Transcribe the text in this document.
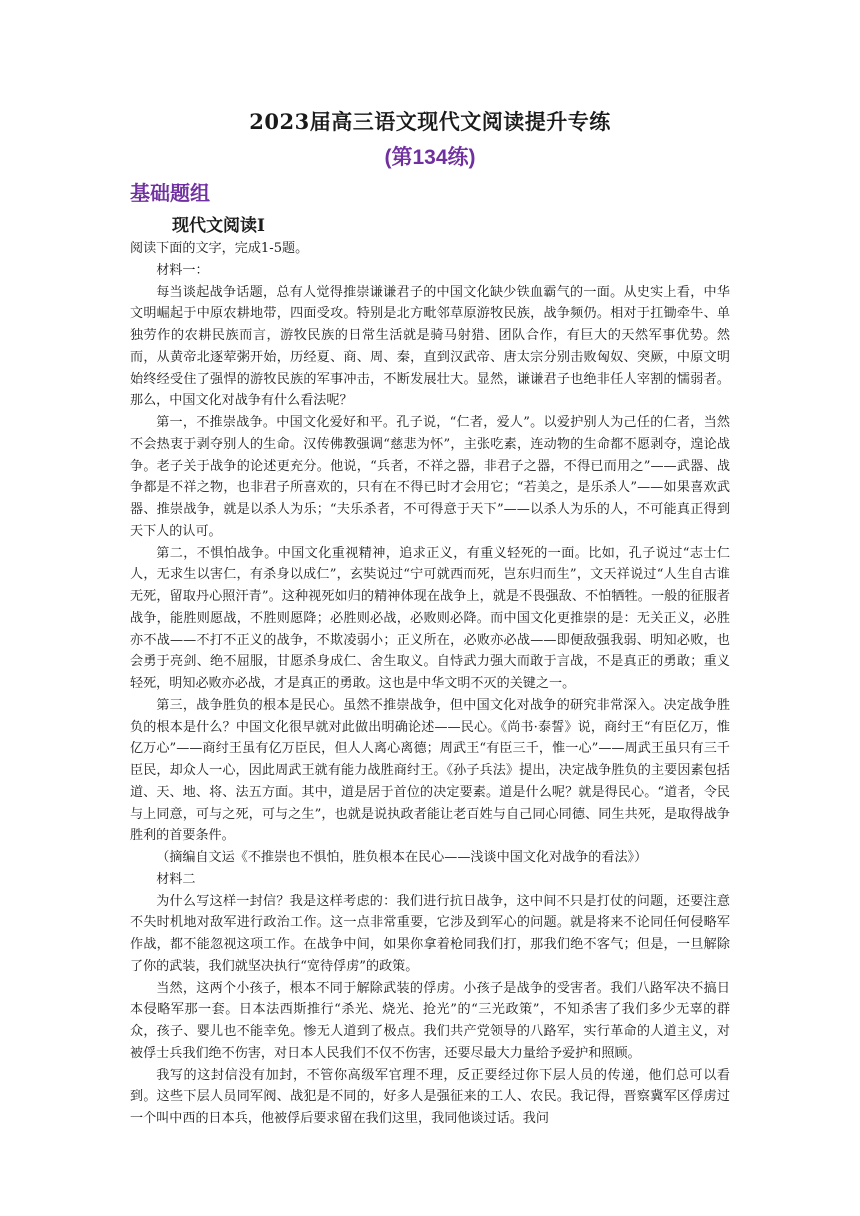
2023届高三语文现代文阅读提升专练
(第134练)
基础题组
现代文阅读Ⅰ

阅读下面的文字，完成1-5题。

材料一：

每当谈起战争话题，总有人觉得推崇谦谦君子的中国文化缺少铁血霸气的一面。从史实上看，中华文明崛起于中原农耕地带，四面受攻。特别是北方毗邻草原游牧民族，战争频仍。相对于扛锄牵牛、单独劳作的农耕民族而言，游牧民族的日常生活就是骑马射猎、团队合作，有巨大的天然军事优势。然而，从黄帝北逐荤粥开始，历经夏、商、周、秦，直到汉武帝、唐太宗分别击败匈奴、突厥，中原文明始终经受住了强悍的游牧民族的军事冲击，不断发展壮大。显然，谦谦君子也绝非任人宰割的懦弱者。那么，中国文化对战争有什么看法呢？

第一，不推崇战争。中国文化爱好和平。孔子说，“仁者，爱人”。以爱护别人为己任的仁者，当然不会热衷于剥夺别人的生命。汉传佛教强调“慈悲为怀”，主张吃素，连动物的生命都不愿剥夺，遑论战争。老子关于战争的论述更充分。他说，“兵者，不祥之器，非君子之器，不得已而用之”——武器、战争都是不祥之物，也非君子所喜欢的，只有在不得已时才会用它；“若美之，是乐杀人”——如果喜欢武器、推崇战争，就是以杀人为乐；“夫乐杀者，不可得意于天下”——以杀人为乐的人，不可能真正得到天下人的认可。

第二，不惧怕战争。中国文化重视精神，追求正义，有重义轻死的一面。比如，孔子说过“志士仁人，无求生以害仁，有杀身以成仁”，玄奘说过“宁可就西而死，岂东归而生”，文天祥说过“人生自古谁无死，留取丹心照汗青”。这种视死如归的精神体现在战争上，就是不畏强敌、不怕牺牲。一般的征服者战争，能胜则愿战，不胜则愿降；必胜则必战，必败则必降。而中国文化更推崇的是：无关正义，必胜亦不战——不打不正义的战争，不欺凌弱小；正义所在，必败亦必战——即便敌强我弱、明知必败，也会勇于亮剑、绝不屈服，甘愿杀身成仁、舍生取义。自恃武力强大而敢于言战，不是真正的勇敢；重义轻死，明知必败亦必战，才是真正的勇敢。这也是中华文明不灭的关键之一。

第三，战争胜负的根本是民心。虽然不推崇战争，但中国文化对战争的研究非常深入。决定战争胜负的根本是什么？中国文化很早就对此做出明确论述——民心。《尚书·泰誓》说，商纣王“有臣亿万，惟亿万心”——商纣王虽有亿万臣民，但人人离心离德；周武王“有臣三千，惟一心”——周武王虽只有三千臣民，却众人一心，因此周武王就有能力战胜商纣王。《孙子兵法》提出，决定战争胜负的主要因素包括道、天、地、将、法五方面。其中，道是居于首位的决定要素。道是什么呢？就是得民心。“道者，令民与上同意，可与之死，可与之生”，也就是说执政者能让老百姓与自己同心同德、同生共死，是取得战争胜利的首要条件。

（摘编自文运《不推崇也不惧怕，胜负根本在民心——浅谈中国文化对战争的看法》）

材料二

为什么写这样一封信？我是这样考虑的：我们进行抗日战争，这中间不只是打仗的问题，还要注意不失时机地对敌军进行政治工作。这一点非常重要，它涉及到军心的问题。就是将来不论同任何侵略军作战，都不能忽视这项工作。在战争中间，如果你拿着枪同我们打，那我们绝不客气；但是，一旦解除了你的武装，我们就坚决执行“宽待俘虏”的政策。

当然，这两个小孩子，根本不同于解除武装的俘虏。小孩子是战争的受害者。我们八路军决不搞日本侵略军那一套。日本法西斯推行“杀光、烧光、抢光”的“三光政策”，不知杀害了我们多少无辜的群众，孩子、婴儿也不能幸免。惨无人道到了极点。我们共产党领导的八路军，实行革命的人道主义，对被俘士兵我们绝不伤害，对日本人民我们不仅不伤害，还要尽最大力量给予爱护和照顾。

我写的这封信没有加封，不管你高级军官理不理，反正要经过你下层人员的传递，他们总可以看到。这些下层人员同军阀、战犯是不同的，好多人是强征来的工人、农民。我记得，晋察冀军区俘虏过一个叫中西的日本兵，他被俘后要求留在我们这里，我同他谈过话。我问
